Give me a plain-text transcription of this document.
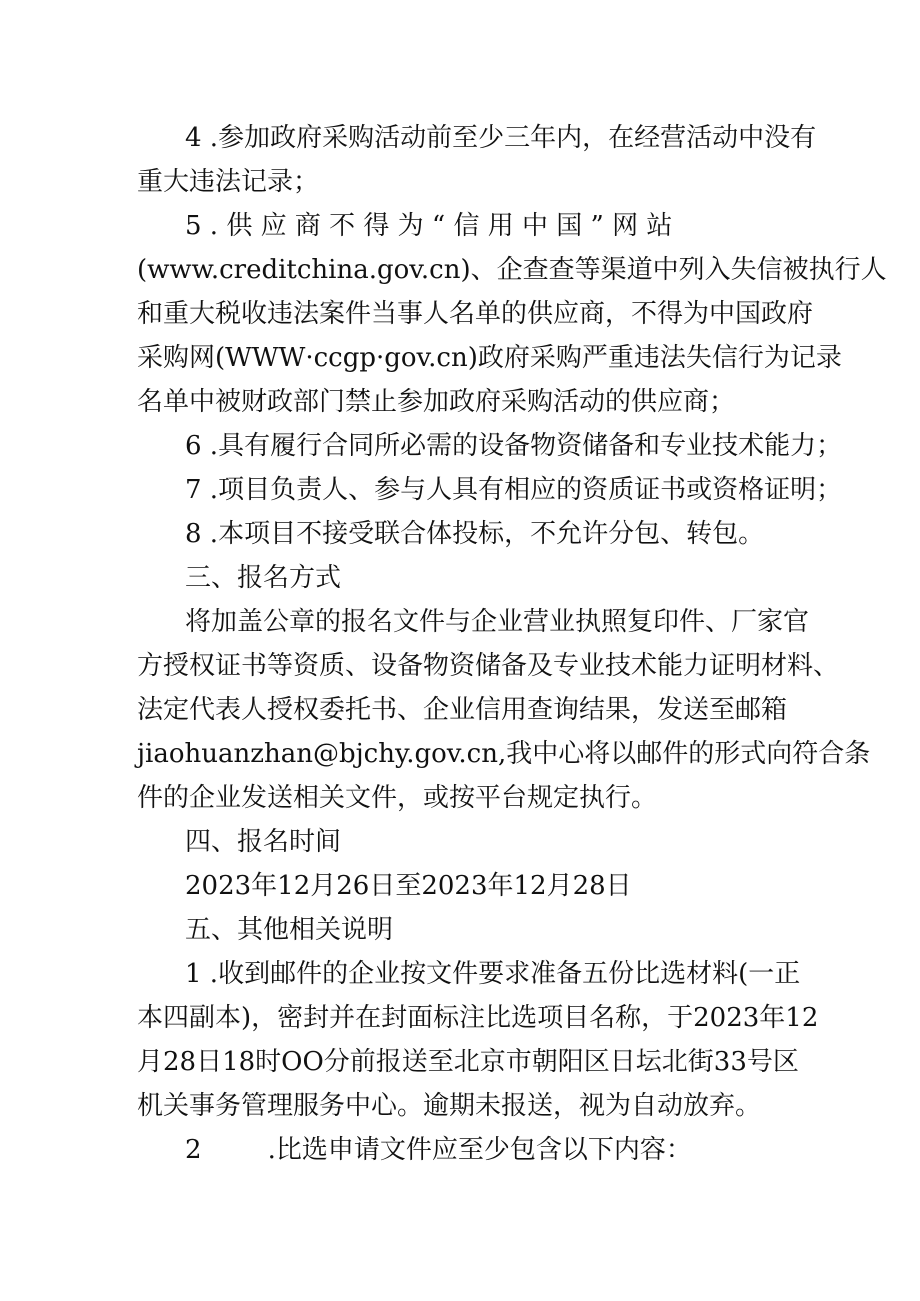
4 .参加政府采购活动前至少三年内，在经营活动中没有
重大违法记录；
5 . 供 应 商 不 得 为 “ 信 用 中 国 ” 网 站
(www.creditchina.gov.cn)、企查查等渠道中列入失信被执行人
和重大税收违法案件当事人名单的供应商，不得为中国政府
采购网(WWW·ccgp·gov.cn)政府采购严重违法失信行为记录
名单中被财政部门禁止参加政府采购活动的供应商；
6 .具有履行合同所必需的设备物资储备和专业技术能力；
7 .项目负责人、参与人具有相应的资质证书或资格证明；
8 .本项目不接受联合体投标，不允许分包、转包。
三、报名方式
将加盖公章的报名文件与企业营业执照复印件、厂家官
方授权证书等资质、设备物资储备及专业技术能力证明材料、
法定代表人授权委托书、企业信用查询结果，发送至邮箱
jiaohuanzhan@bjchy.gov.cn,我中心将以邮件的形式向符合条
件的企业发送相关文件，或按平台规定执行。
四、报名时间
2023年12月26日至2023年12月28日
五、其他相关说明
1 .收到邮件的企业按文件要求准备五份比选材料(一正
本四副本)，密封并在封面标注比选项目名称，于2023年12
月28日18时OO分前报送至北京市朝阳区日坛北街33号区
机关事务管理服务中心。逾期未报送，视为自动放弃。
2        .比选申请文件应至少包含以下内容：
